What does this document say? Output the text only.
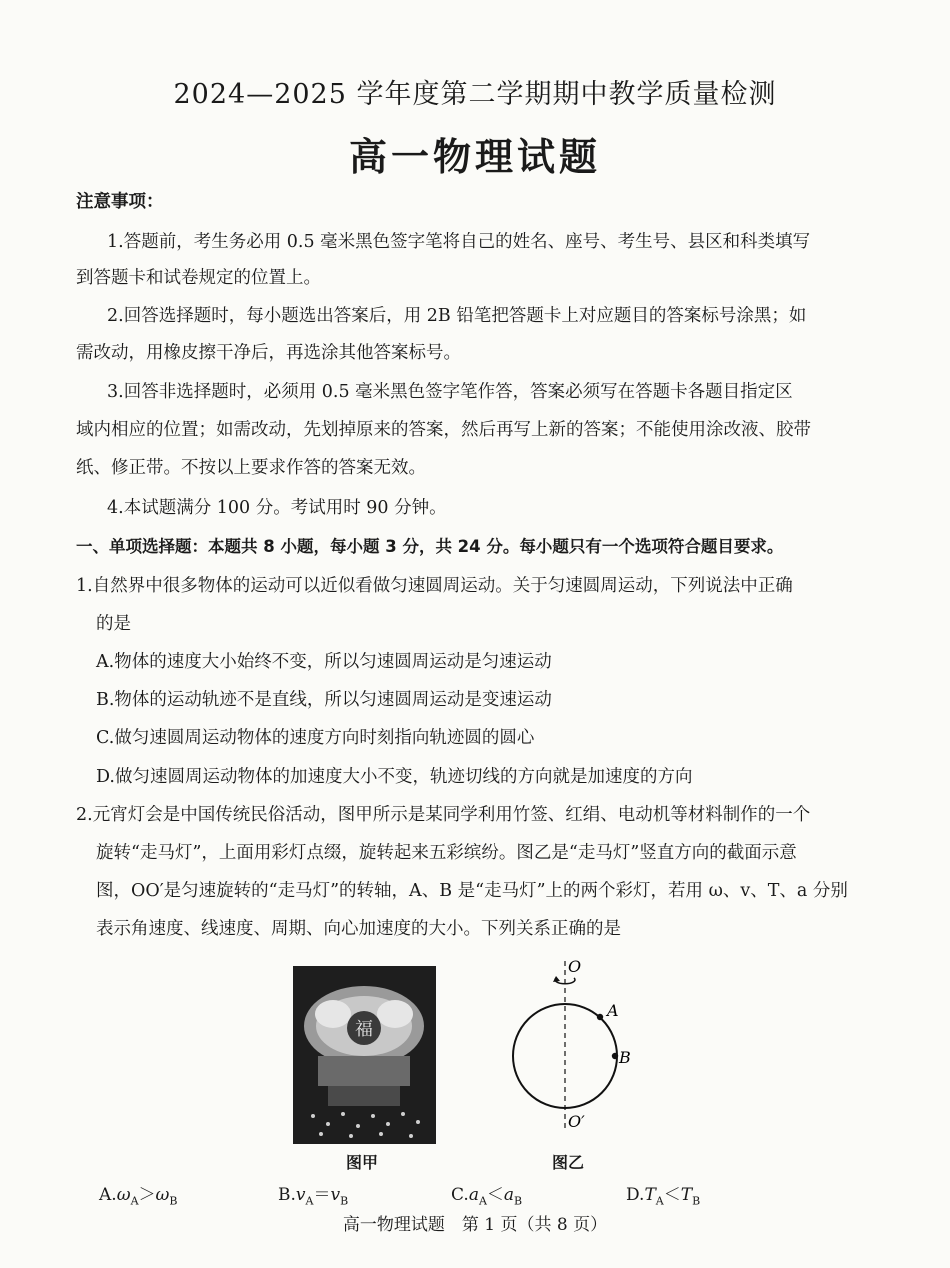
2024—2025 学年度第二学期期中教学质量检测
高一物理试题
注意事项：
1.答题前，考生务必用 0.5 毫米黑色签字笔将自己的姓名、座号、考生号、县区和科类填写
到答题卡和试卷规定的位置上。
2.回答选择题时，每小题选出答案后，用 2B 铅笔把答题卡上对应题目的答案标号涂黑；如
需改动，用橡皮擦干净后，再选涂其他答案标号。
3.回答非选择题时，必须用 0.5 毫米黑色签字笔作答，答案必须写在答题卡各题目指定区
域内相应的位置；如需改动，先划掉原来的答案，然后再写上新的答案；不能使用涂改液、胶带
纸、修正带。不按以上要求作答的答案无效。
4.本试题满分 100 分。考试用时 90 分钟。
一、单项选择题：本题共 8 小题，每小题 3 分，共 24 分。每小题只有一个选项符合题目要求。
1.自然界中很多物体的运动可以近似看做匀速圆周运动。关于匀速圆周运动，下列说法中正确
的是
A.物体的速度大小始终不变，所以匀速圆周运动是匀速运动
B.物体的运动轨迹不是直线，所以匀速圆周运动是变速运动
C.做匀速圆周运动物体的速度方向时刻指向轨迹圆的圆心
D.做匀速圆周运动物体的加速度大小不变，轨迹切线的方向就是加速度的方向
2.元宵灯会是中国传统民俗活动，图甲所示是某同学利用竹签、红绢、电动机等材料制作的一个
旋转“走马灯”，上面用彩灯点缀，旋转起来五彩缤纷。图乙是“走马灯”竖直方向的截面示意
图，OO′是匀速旋转的“走马灯”的转轴，A、B 是“走马灯”上的两个彩灯，若用 ω、v、T、a 分别
表示角速度、线速度、周期、向心加速度的大小。下列关系正确的是
福
图甲
O
O′
A
B
图乙
$A.\omega_A>\omega_B$	$B.v_A=v_B$	$C.a_A<a_B$	$D.T_A<T_B$
高一物理试题　第 1 页（共 8 页）
